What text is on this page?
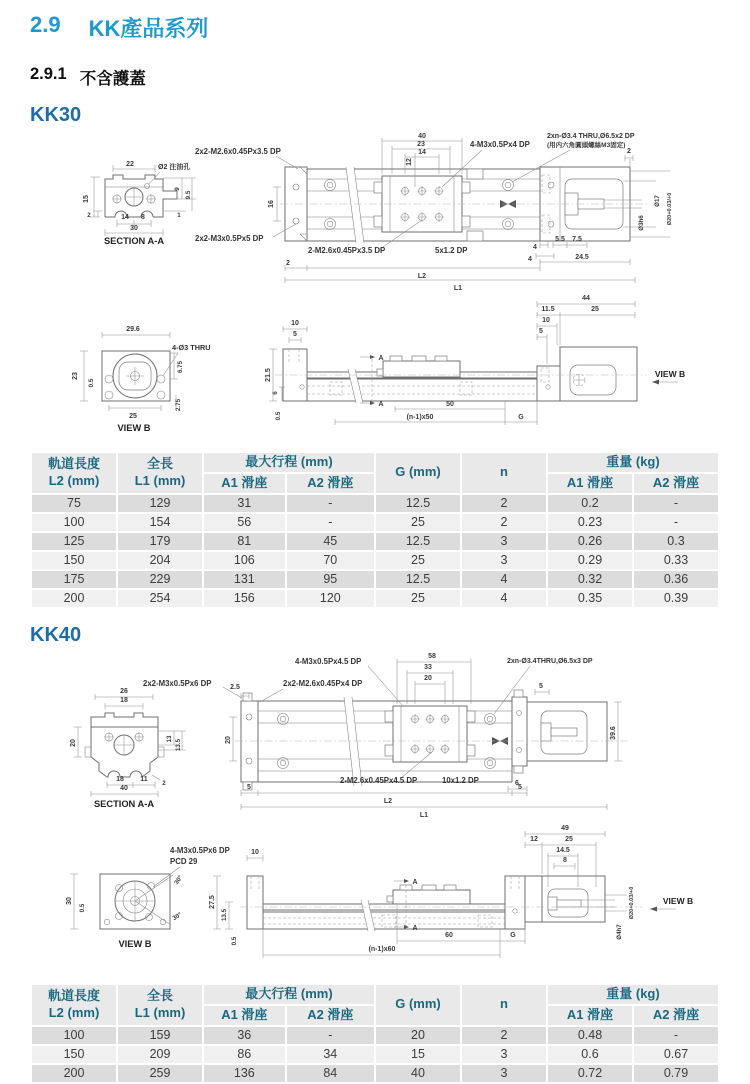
2.9 KK產品系列
2.9.1 不含護蓋
KK30
22	Ø2 注油孔
15
2	14 8
30
9
9.5
1
SECTION A-A
2x2-M2.6x0.45Px3.5 DP
2x2-M3x0.5Px5 DP
2-M2.6x0.45Px3.5 DP	5x1.2 DP
4-M3x0.5Px4 DP
2xn-Ø3.4 THRU,Ø6.5x2 DP
(用内六角圓頭螺絲M3固定)
40
23
14
12
16
2
4
4
5.5 7.5
24.5
2
L2
L1
Ø3h6
Ø17 Ø20+0.03/+0
29.6
4-Ø3 THRU
23
0.5
6.75
25
2.75
VIEW B
10
5
21.5
6
0.5
A
A	50
(n-1)x50	G
44
11.5	25
10
5
VIEW B
軌道長度
L2 (mm)	全長
L1 (mm)	最大行程 (mm)		G (mm)	n	重量 (kg)	
		A1 滑座	A2 滑座			A1 滑座	A2 滑座
75	129	31	-	12.5	2	0.2	-
100	154	56	-	25	2	0.23	-
125	179	81	45	12.5	3	0.26	0.3
150	204	106	70	25	3	0.29	0.33
175	229	131	95	12.5	4	0.32	0.36
200	254	156	120	25	4	0.35	0.39
KK40
26
18
20
13 13.5
18 11
2
40
SECTION A-A
2x2-M3x0.5Px6 DP	2.5	2x2-M2.6x0.45Px4 DP
4-M3x0.5Px4.5 DP	2xn-Ø3.4THRU,Ø6.5x3 DP
58
33
20
5
20
39.6
2-M2.6x0.45Px4.5 DP	10x1.2 DP	6
5
L2
5
L1
4-M3x0.5Px6 DP
PCD 29
30
0.5
30°
30°
VIEW B
10
27.5
13.5
0.5
A
A
49
12	25
14.5
8
Ø20+0.03/+0
Ø4h7
VIEW B
60	G
(n-1)x60
軌道長度
L2 (mm)	全長
L1 (mm)	最大行程 (mm)		G (mm)	n	重量 (kg)	
		A1 滑座	A2 滑座			A1 滑座	A2 滑座
100	159	36	-	20	2	0.48	-
150	209	86	34	15	3	0.6	0.67
200	259	136	84	40	3	0.72	0.79
